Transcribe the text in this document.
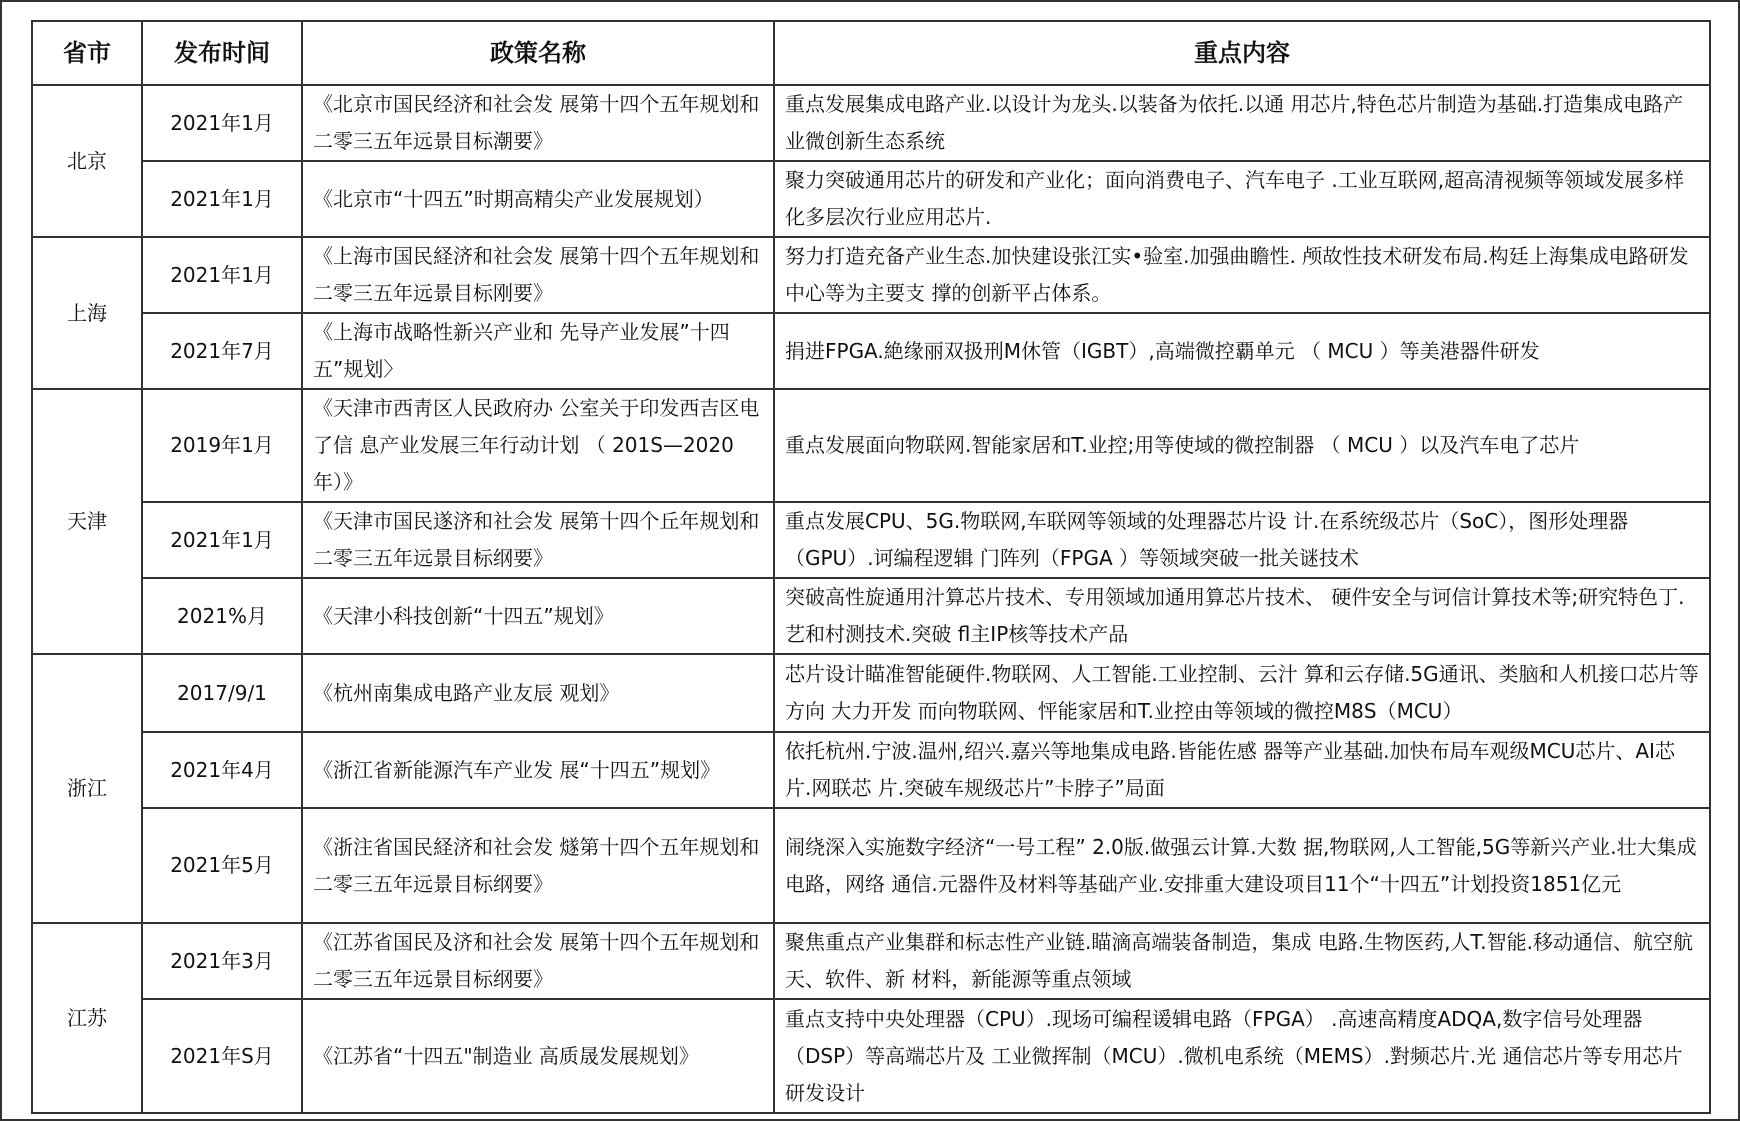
省市	发布时间	政策名称	重点内容
北京	2021年1月	《北京市国民经济和社会发 展第十四个五年规划和二零三五年远景目标潮要》	重点发展集成电路产业.以设计为龙头.以装备为依托.以通 用芯片,特色芯片制造为基础.打造集成电路产业微创新生态系统
	2021年1月	《北京市“十四五”时期高精尖产业发展规划）	聚力突破通用芯片的研发和产业化；面向消费电子、汽车电子 .工业互联网,超高清视频等领域发展多样化多层次行业应用芯片.
上海	2021年1月	《上海市国民経济和社会发 展第十四个五年规划和二零三五年远景目标刚要》	努力打造充备产业生态.加快建设张江实•验室.加强曲瞻性. 颅故性技术研发布局.构廷上海集成电路研发中心等为主要支 撑的创新平占体系。
	2021年7月	《上海市战略性新兴产业和 先导产业发展”十四五”规划〉	捐进FPGA.絶缘丽双扱刑M休管（IGBT）,高端微控覇单元 （ MCU ）等美港器件研发
天津	2019年1月	《天津市西靑区人民政府办 公室关于印发西吉区电了信 息产业发展三年行动计划 （ 201S—2020年）》	重点发展面向物联网.智能家居和T.业控;用等使域的微控制器 （ MCU ）以及汽车电了芯片
	2021年1月	《天津市国民遂济和社会发 展第十四个丘年规划和二零三五年远景目标纲要》	重点发展CPU、5G.物联网,车联网等领域的处理器芯片设 计.在系统级芯片（SoC），图形处理器（GPU）.诃编程逻辑 门阵列（FPGA ）等领域突破一批关谜技术
	2021%月	《天津小科技创新“十四五”规划》	突破高性旋通用汁算芯片技术、专用领域加通用算芯片技术、 硬件安全与诃信计算技术等;研究特色丁.艺和村测技术.突破 fl主IP核等技术产品
浙江	2017/9/1	《杭州南集成电路产业友辰 观划》	芯片设计瞄准智能硬件.物联网、人工智能.工业控制、云汁 算和云存储.5G通讯、类脑和人机接口芯片等方向 大力开发 而向物联网、怦能家居和T.业控由等领域的微控M8S（MCU）
	2021年4月	《浙江省新能源汽车产业发 展“十四五”规划》	依托杭州.宁波.温州,绍兴.嘉兴等地集成电路.皆能佐感 器等产业基础.加快布局车观级MCU芯片、AI芯片.网联芯 片.突破车规级芯片”卡脖子”局面
	2021年5月	《浙注省国民経济和社会发 燧第十四个五年规划和二零三五年远景目标纲要》	闹绕深入实施数字经济“一号工程” 2.0版.做强云计算.大数 据,物联网,人工智能,5G等新兴产业.壮大集成电路，网络 通信.元器件及材料等基础产业.安排重大建设项目11个“十四五”计划投资1851亿元
江苏	2021年3月	《江苏省国民及济和社会发 展第十四个五年规划和二零三五年远景目标纲要》	聚焦重点产业集群和标志性产业链.瞄滴高端装备制造，集成 电路.生物医药,人T.智能.移动通信、航空航天、软件、新 材料，新能源等重点领域
	2021年S月	《江苏省“十四五"制造业 高质晟发展规划》	重点支持中央处理器（CPU）.现场可编程谖辑电路（FPGA） .高速高精度ADQA,数字信号处理器（DSP）等高端芯片及 工业微挥制（MCU）.微机电系统（MEMS）.對频芯片.光 通信芯片等专用芯片研发设计
